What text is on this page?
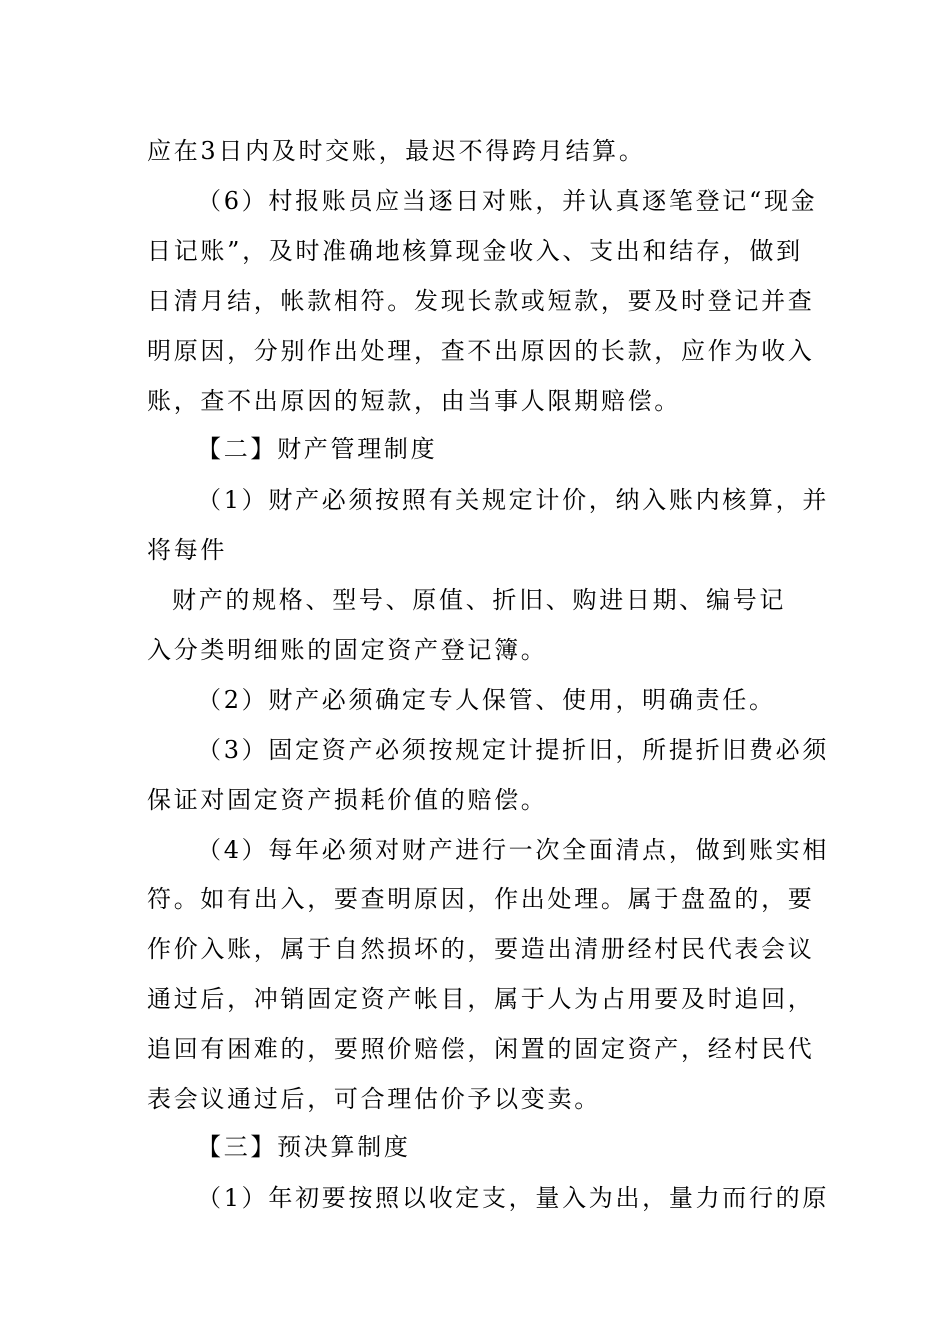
应在3日内及时交账，最迟不得跨月结算。

（6）村报账员应当逐日对账，并认真逐笔登记“现金

日记账”，及时准确地核算现金收入、支出和结存，做到

日清月结，帐款相符。发现长款或短款，要及时登记并查

明原因，分别作出处理，查不出原因的长款，应作为收入

账，查不出原因的短款，由当事人限期赔偿。

【二】财产管理制度

（1）财产必须按照有关规定计价，纳入账内核算，并

将每件

财产的规格、型号、原值、折旧、购进日期、编号记

入分类明细账的固定资产登记簿。

（2）财产必须确定专人保管、使用，明确责任。

（3）固定资产必须按规定计提折旧，所提折旧费必须

保证对固定资产损耗价值的赔偿。

（4）每年必须对财产进行一次全面清点，做到账实相

符。如有出入，要查明原因，作出处理。属于盘盈的，要

作价入账，属于自然损坏的，要造出清册经村民代表会议

通过后，冲销固定资产帐目，属于人为占用要及时追回，

追回有困难的，要照价赔偿，闲置的固定资产，经村民代

表会议通过后，可合理估价予以变卖。

【三】预决算制度

（1）年初要按照以收定支，量入为出，量力而行的原
